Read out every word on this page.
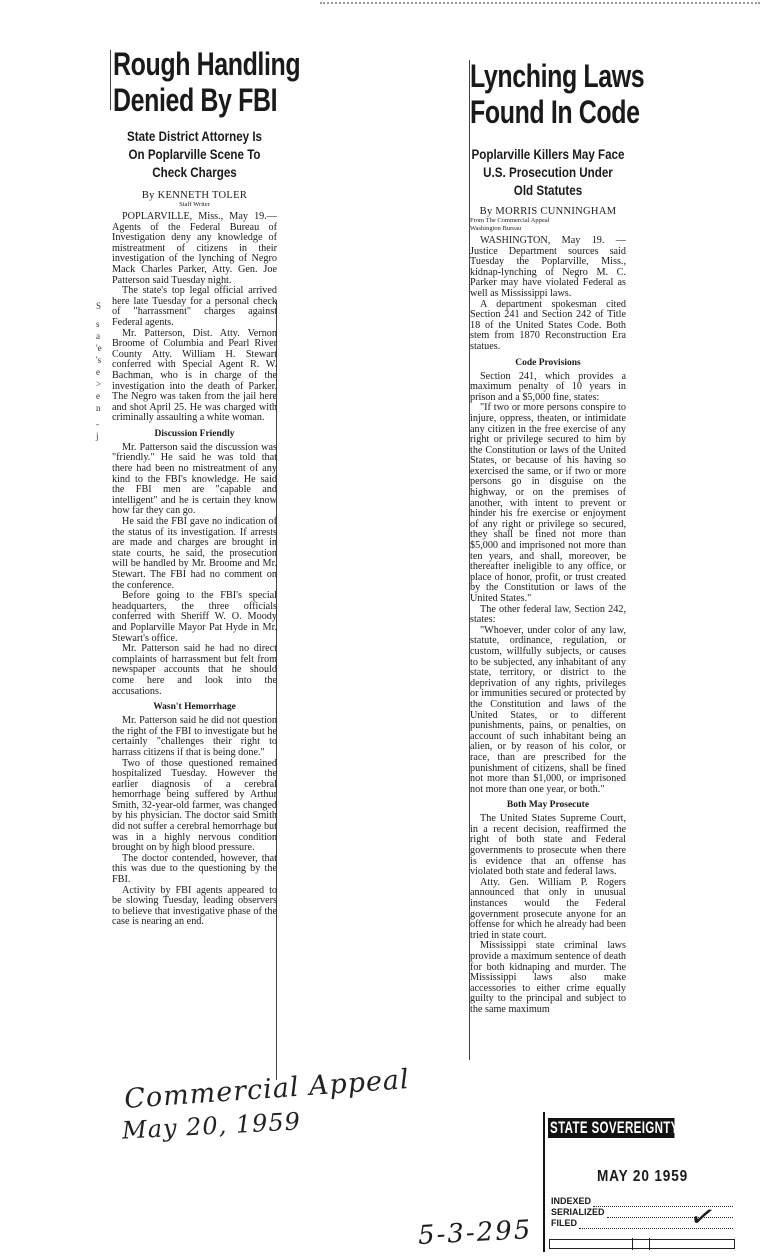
S
s
a
'e
's
e
>
e
n
-
j
Rough Handling
Denied By FBI
State District Attorney Is
On Poplarville Scene To
Check Charges
By KENNETH TOLER
Staff Writer

POPLARVILLE, Miss., May 19.—Agents of the Federal Bureau of Investigation deny any knowledge of mistreatment of citizens in their investigation of the lynching of Negro Mack Charles Parker, Atty. Gen. Joe Patterson said Tuesday night.

The state's top legal official arrived here late Tuesday for a personal check of "harrassment" charges against Federal agents.

Mr. Patterson, Dist. Atty. Vernon Broome of Columbia and Pearl River County Atty. William H. Stewart conferred with Special Agent R. W. Bachman, who is in charge of the investigation into the death of Parker. The Negro was taken from the jail here and shot April 25. He was charged with criminally assaulting a white woman.

Discussion Friendly

Mr. Patterson said the discussion was "friendly." He said he was told that there had been no mistreatment of any kind to the FBI's knowledge. He said the FBI men are "capable and intelligent" and he is certain they know how far they can go.

He said the FBI gave no indication of the status of its investigation. If arrests are made and charges are brought in state courts, he said, the prosecution will be handled by Mr. Broome and Mr. Stewart. The FBI had no comment on the conference.

Before going to the FBI's special headquarters, the three officials conferred with Sheriff W. O. Moody and Poplarville Mayor Pat Hyde in Mr. Stewart's office.

Mr. Patterson said he had no direct complaints of harrassment but felt from newspaper accounts that he should come here and look into the accusations.

Wasn't Hemorrhage

Mr. Patterson said he did not question the right of the FBI to investigate but he certainly "challenges their right to harrass citizens if that is being done."

Two of those questioned remained hospitalized Tuesday. However the earlier diagnosis of a cerebral hemorrhage being suffered by Arthur Smith, 32-year-old farmer, was changed by his physician. The doctor said Smith did not suffer a cerebral hemorrhage but was in a highly nervous condition brought on by high blood pressure.

The doctor contended, however, that this was due to the questioning by the FBI.

Activity by FBI agents appeared to be slowing Tuesday, leading observers to believe that investigative phase of the case is nearing an end.

Lynching Laws
Found In Code
Poplarville Killers May Face
U.S. Prosecution Under
Old Statutes
By MORRIS CUNNINGHAM
From The Commercial Appeal
Washington Bureau

WASHINGTON, May 19. — Justice Department sources said Tuesday the Poplarville, Miss., kidnap-lynching of Negro M. C. Parker may have violated Federal as well as Mississippi laws.

A department spokesman cited Section 241 and Section 242 of Title 18 of the United States Code. Both stem from 1870 Reconstruction Era statues.

Code Provisions

Section 241, which provides a maximum penalty of 10 years in prison and a $5,000 fine, states:

"If two or more persons conspire to injure, oppress, theaten, or intimidate any citizen in the free exercise of any right or privilege secured to him by the Constitution or laws of the United States, or because of his having so exercised the same, or if two or more persons go in disguise on the highway, or on the premises of another, with intent to prevent or hinder his fre exercise or enjoyment of any right or privilege so secured, they shall be fined not more than $5,000 and imprisoned not more than ten years, and shall, moreover, be thereafter ineligible to any office, or place of honor, profit, or trust created by the Constitution or laws of the United States."

The other federal law, Section 242, states:

"Whoever, under color of any law, statute, ordinance, regulation, or custom, willfully subjects, or causes to be subjected, any inhabitant of any state, territory, or district to the deprivation of any rights, privileges or immunities secured or protected by the Constitution and laws of the United States, or to different punishments, pains, or penalties, on account of such inhabitant being an alien, or by reason of his color, or race, than are prescribed for the punishment of citizens, shall be fined not more than $1,000, or imprisoned not more than one year, or both."

Both May Prosecute

The United States Supreme Court, in a recent decision, reaffirmed the right of both state and Federal governments to prosecute when there is evidence that an offense has violated both state and federal laws.

Atty. Gen. William P. Rogers announced that only in unusual instances would the Federal government prosecute anyone for an offense for which he already had been tried in state court.

Mississippi state criminal laws provide a maximum sentence of death for both kidnaping and murder. The Mississippi laws also make accessories to either crime equally guilty to the principal and subject to the same maximum

Commercial Appeal
May 20, 1959
5-3-295
STATE SOVEREIGNTY COMMISSION
MAY 20 1959
INDEXED
SERIALIZED
FILED	✓
